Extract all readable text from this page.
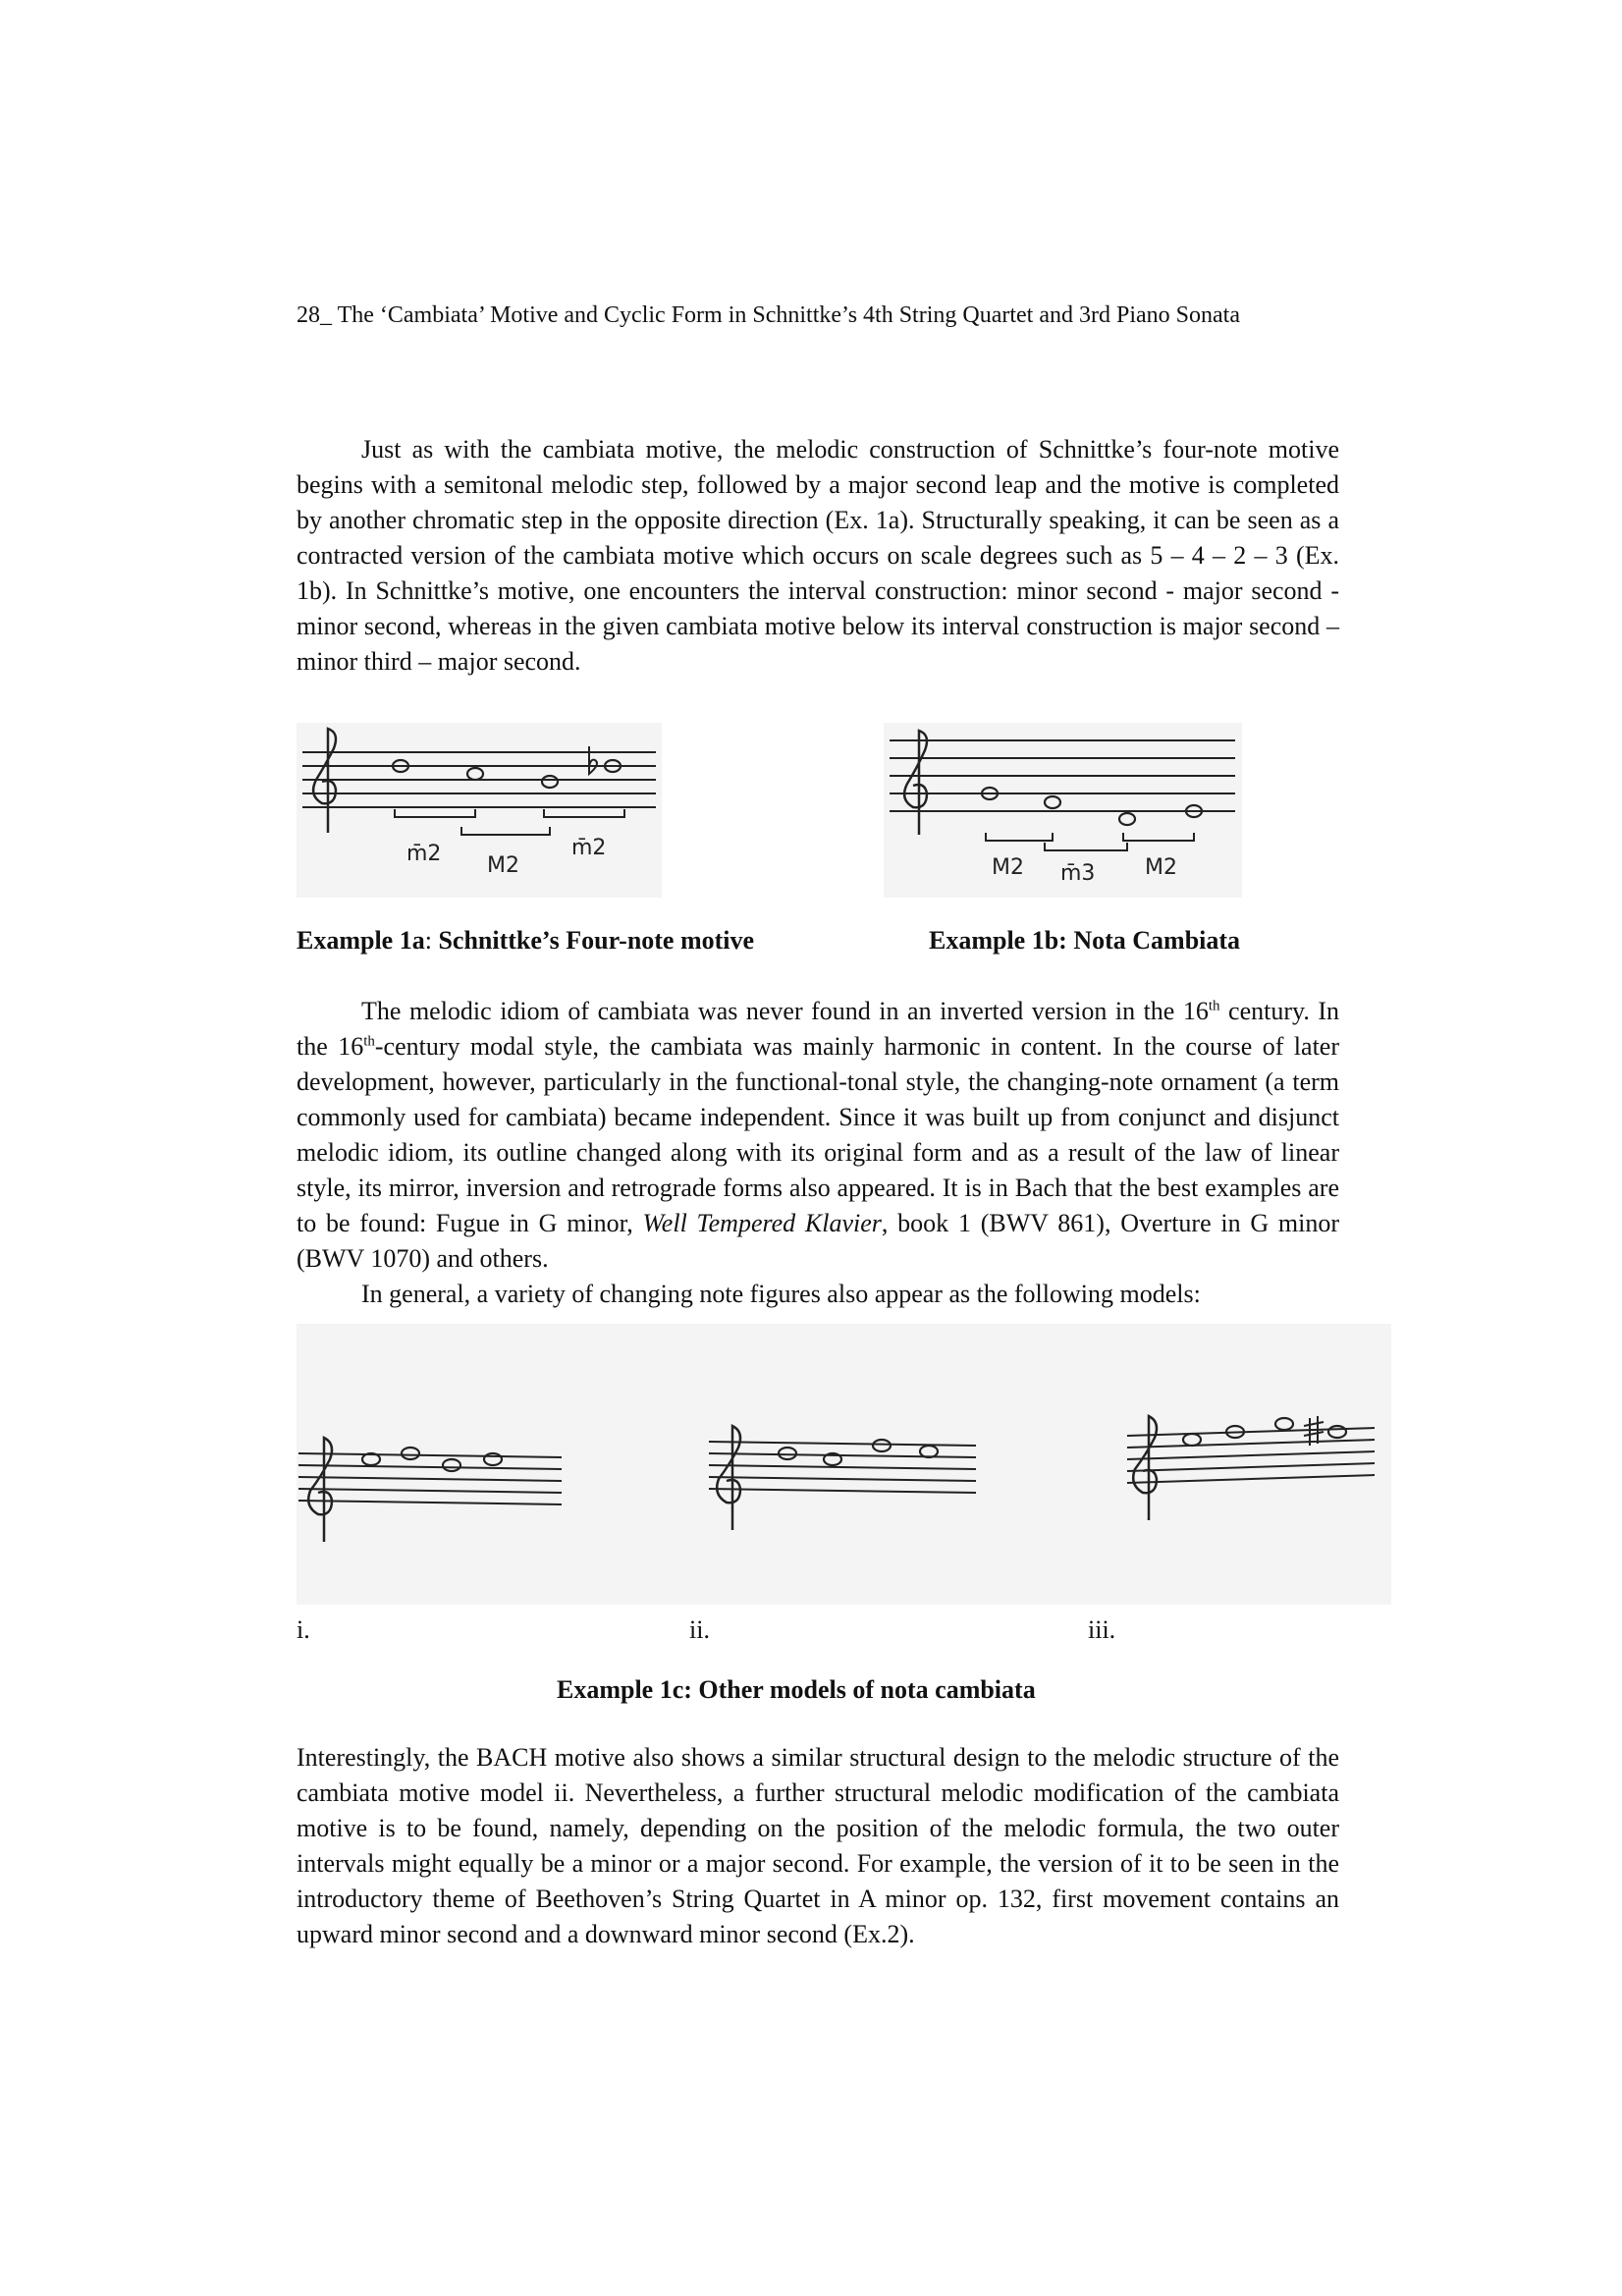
28_ The ‘Cambiata’ Motive and Cyclic Form in Schnittke’s 4th String Quartet and 3rd Piano Sonata

Just as with the cambiata motive, the melodic construction of Schnittke’s four-note motive begins with a semitonal melodic step, followed by a major second leap and the motive is completed by another chromatic step in the opposite direction (Ex. 1a). Structurally speaking, it can be seen as a contracted version of the cambiata motive which occurs on scale degrees such as 5 – 4 – 2 – 3 (Ex. 1b). In Schnittke’s motive, one encounters the interval construction: minor second - major second - minor second, whereas in the given cambiata motive below its interval construction is major second – minor third – major second.

m̄2 M2
m̄2
M2 m̄3 M2
Example 1a: Schnittke’s Four-note motive	Example 1b: Nota Cambiata

The melodic idiom of cambiata was never found in an inverted version in the 16th century. In the 16th-century modal style, the cambiata was mainly harmonic in content. In the course of later development, however, particularly in the functional-tonal style, the changing-note ornament (a term commonly used for cambiata) became independent. Since it was built up from conjunct and disjunct melodic idiom, its outline changed along with its original form and as a result of the law of linear style, its mirror, inversion and retrograde forms also appeared. It is in Bach that the best examples are to be found: Fugue in G minor, Well Tempered Klavier, book 1 (BWV 861), Overture in G minor (BWV 1070) and others.
In general, a variety of changing note figures also appear as the following models:

i.	ii.	iii.
Example 1c: Other models of nota cambiata

Interestingly, the BACH motive also shows a similar structural design to the melodic structure of the cambiata motive model ii. Nevertheless, a further structural melodic modification of the cambiata motive is to be found, namely, depending on the position of the melodic formula, the two outer intervals might equally be a minor or a major second. For example, the version of it to be seen in the introductory theme of Beethoven’s String Quartet in A minor op. 132, first movement contains an upward minor second and a downward minor second (Ex.2).
